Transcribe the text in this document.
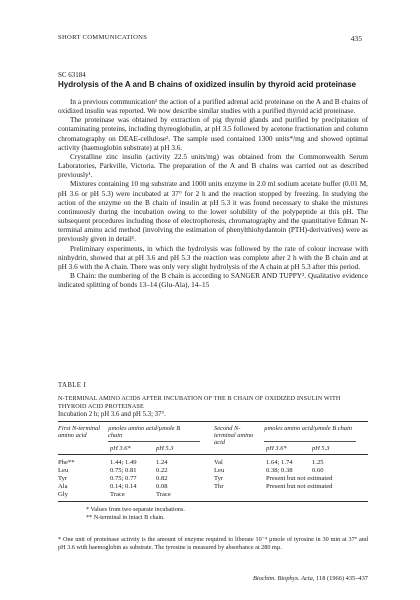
SHORT COMMUNICATIONS	435
SC 63184
Hydrolysis of the A and B chains of oxidized insulin by thyroid acid proteinase

In a previous communication¹ the action of a purified adrenal acid proteinase on the A and B chains of oxidized insulin was reported. We now describe similar studies with a purified thyroid acid proteinase.

The proteinase was obtained by extraction of pig thyroid glands and purified by precipitation of contaminating proteins, including thyreoglobulin, at pH 3.5 followed by acetone fractionation and column chromatography on DEAE-cellulose². The sample used contained 1300 units*/mg and showed optimal activity (haemoglobin substrate) at pH 3.6.

Crystalline zinc insulin (activity 22.5 units/mg) was obtained from the Commonwealth Serum Laboratories, Parkville, Victoria. The preparation of the A and B chains was carried out as described previously¹.

Mixtures containing 10 mg substrate and 1000 units enzyme in 2.0 ml sodium acetate buffer (0.01 M, pH 3.6 or pH 5.3) were incubated at 37° for 2 h and the reaction stopped by freezing. In studying the action of the enzyme on the B chain of insulin at pH 5.3 it was found necessary to shake the mixtures continuously during the incubation owing to the lower solubility of the polypeptide at this pH. The subsequent procedures including those of electrophoresis, chromatography and the quantitative Edman N-terminal amino acid method (involving the estimation of phenylthiohydantoin (PTH)-derivatives) were as previously given in detail¹.

Preliminary experiments, in which the hydrolysis was followed by the rate of colour increase with ninhydrin, showed that at pH 3.6 and pH 5.3 the reaction was complete after 2 h with the B chain and at pH 3.6 with the A chain. There was only very slight hydrolysis of the A chain at pH 5.3 after this period.

B Chain: the numbering of the B chain is according to SANGER AND TUPPY³. Qualitative evidence indicated splitting of bonds 13–14 (Glu-Ala), 14–15

TABLE I
N-TERMINAL AMINO ACIDS AFTER INCUBATION OF THE B CHAIN OF OXIDIZED INSULIN WITH THYROID ACID PROTEINASE
Incubation 2 h; pH 3.6 and pH 5.3; 37°.
First N-terminal amino acid
µmoles amino acid/µmole B chain
Second N-terminal amino acid
µmoles amino acid/µmole B chain
pH 3.6*	pH 5.3	pH 3.6*	pH 5.3
Phe**	1.44; 1.49	1.24	Val	1.64; 1.74	1.25
Leu	0.75; 0.81	0.22	Leu	0.38; 0.38	0.60
Tyr	0.75; 0.77	0.82	Tyr	Present but not estimated
Ala	0.14; 0.14	0.08	Thr	Present but not estimated
Gly	Trace	Trace
* Values from two separate incubations.
** N-terminal in intact B chain.
* One unit of proteinase activity is the amount of enzyme required to liberate 10⁻⁴ µmole of tyrosine in 30 min at 37° and pH 3.6 with haemoglobin as substrate. The tyrosine is measured by absorbance at 280 mµ.
Biochim. Biophys. Acta, 118 (1966) 435–437
